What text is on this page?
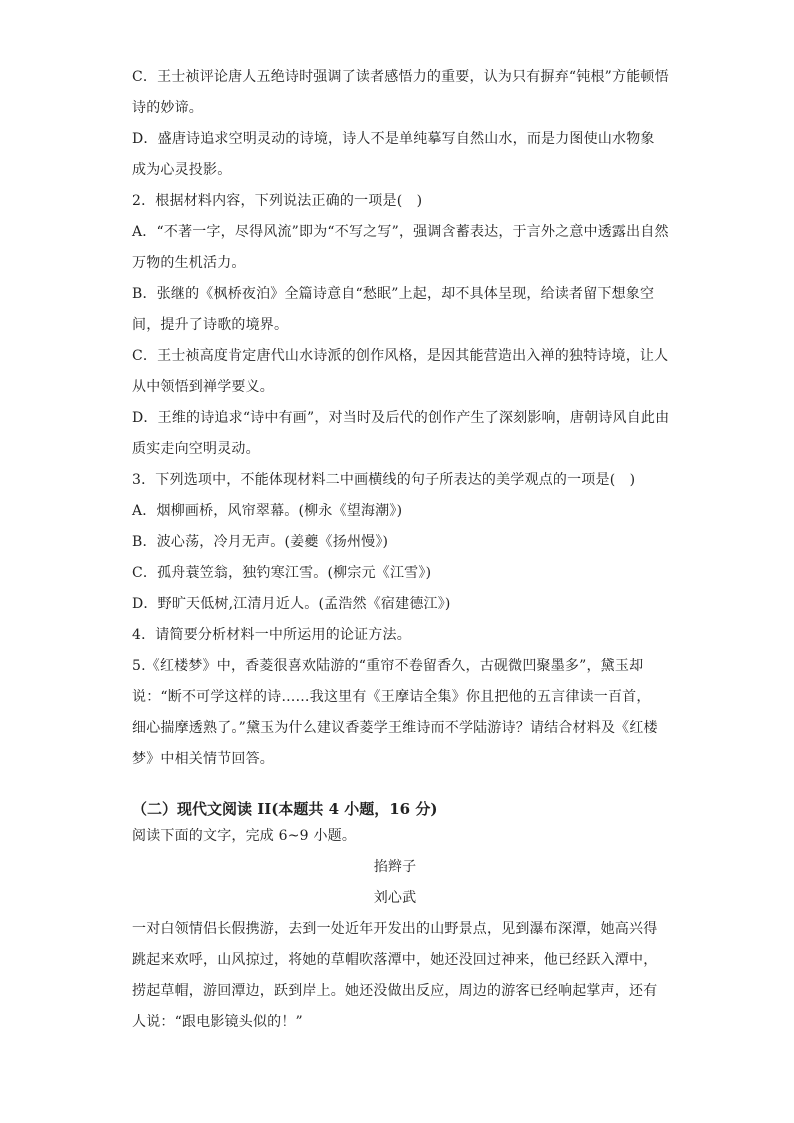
C．王士祯评论唐人五绝诗时强调了读者感悟力的重要，认为只有摒弃“钝根”方能顿悟
诗的妙谛。
D．盛唐诗追求空明灵动的诗境，诗人不是单纯摹写自然山水，而是力图使山水物象
成为心灵投影。
2．根据材料内容，下列说法正确的一项是(　)
A．“不著一字，尽得风流”即为“不写之写”，强调含蓄表达，于言外之意中透露出自然
万物的生机活力。
B．张继的《枫桥夜泊》全篇诗意自“愁眠”上起，却不具体呈现，给读者留下想象空
间，提升了诗歌的境界。
C．王士祯高度肯定唐代山水诗派的创作风格，是因其能营造出入禅的独特诗境，让人
从中领悟到禅学要义。
D．王维的诗追求“诗中有画”，对当时及后代的创作产生了深刻影响，唐朝诗风自此由
质实走向空明灵动。
3．下列选项中，不能体现材料二中画横线的句子所表达的美学观点的一项是(　)
A．烟柳画桥，风帘翠幕。(柳永《望海潮》)
B．波心荡，冷月无声。(姜夔《扬州慢》)
C．孤舟蓑笠翁，独钓寒江雪。(柳宗元《江雪》)
D．野旷天低树,江清月近人。(孟浩然《宿建德江》)
4．请简要分析材料一中所运用的论证方法。
5.《红楼梦》中，香菱很喜欢陆游的“重帘不卷留香久，古砚微凹聚墨多”，黛玉却
说：“断不可学这样的诗……我这里有《王摩诘全集》你且把他的五言律读一百首，
细心揣摩透熟了。”黛玉为什么建议香菱学王维诗而不学陆游诗？请结合材料及《红楼
梦》中相关情节回答。
（二）现代文阅读 II(本题共 4 小题，16 分)
阅读下面的文字，完成 6~9 小题。
掐辫子
刘心武
一对白领情侣长假携游，去到一处近年开发出的山野景点，见到瀑布深潭，她高兴得
跳起来欢呼，山风掠过，将她的草帽吹落潭中，她还没回过神来，他已经跃入潭中，
捞起草帽，游回潭边，跃到岸上。她还没做出反应，周边的游客已经响起掌声，还有
人说：“跟电影镜头似的！”
